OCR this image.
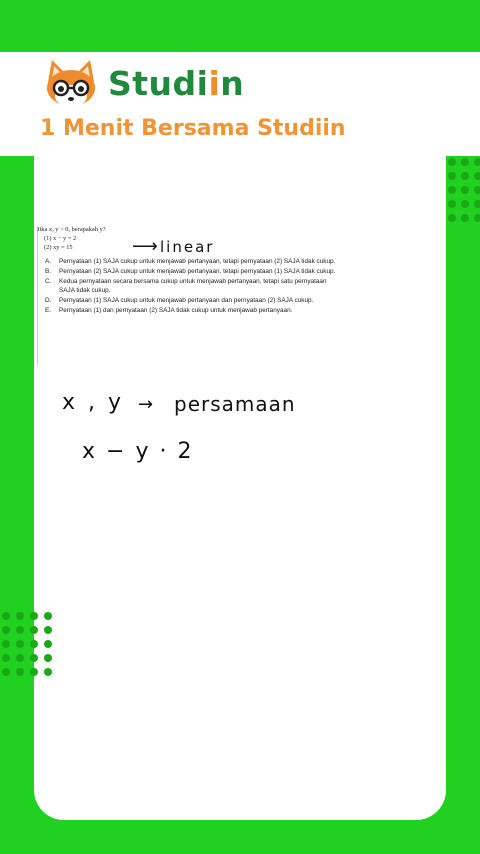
Studiin
1 Menit Bersama Studiin
Jika x, y > 0, berapakah y?
(1) x − y = 2
(2) xy = 15
A.	Pernyataan (1) SAJA cukup untuk menjawab pertanyaan, tetapi pernyataan (2) SAJA tidak cukup.
B.	Pernyataan (2) SAJA cukup untuk menjawab pertanyaan, tetapi pernyataan (1) SAJA tidak cukup.
C.	Kedua pernyataan secara bersama cukup untuk menjawab pertanyaan, tetapi satu pernyataan SAJA tidak cukup.
D.	Pernyataan (1) SAJA cukup untuk menjawab pertanyaan dan pernyataan (2) SAJA cukup.
E.	Pernyataan (1) dan pernyataan (2) SAJA tidak cukup untuk menjawab pertanyaan.
⟶ linear
x , y → persamaan
x − y · 2
